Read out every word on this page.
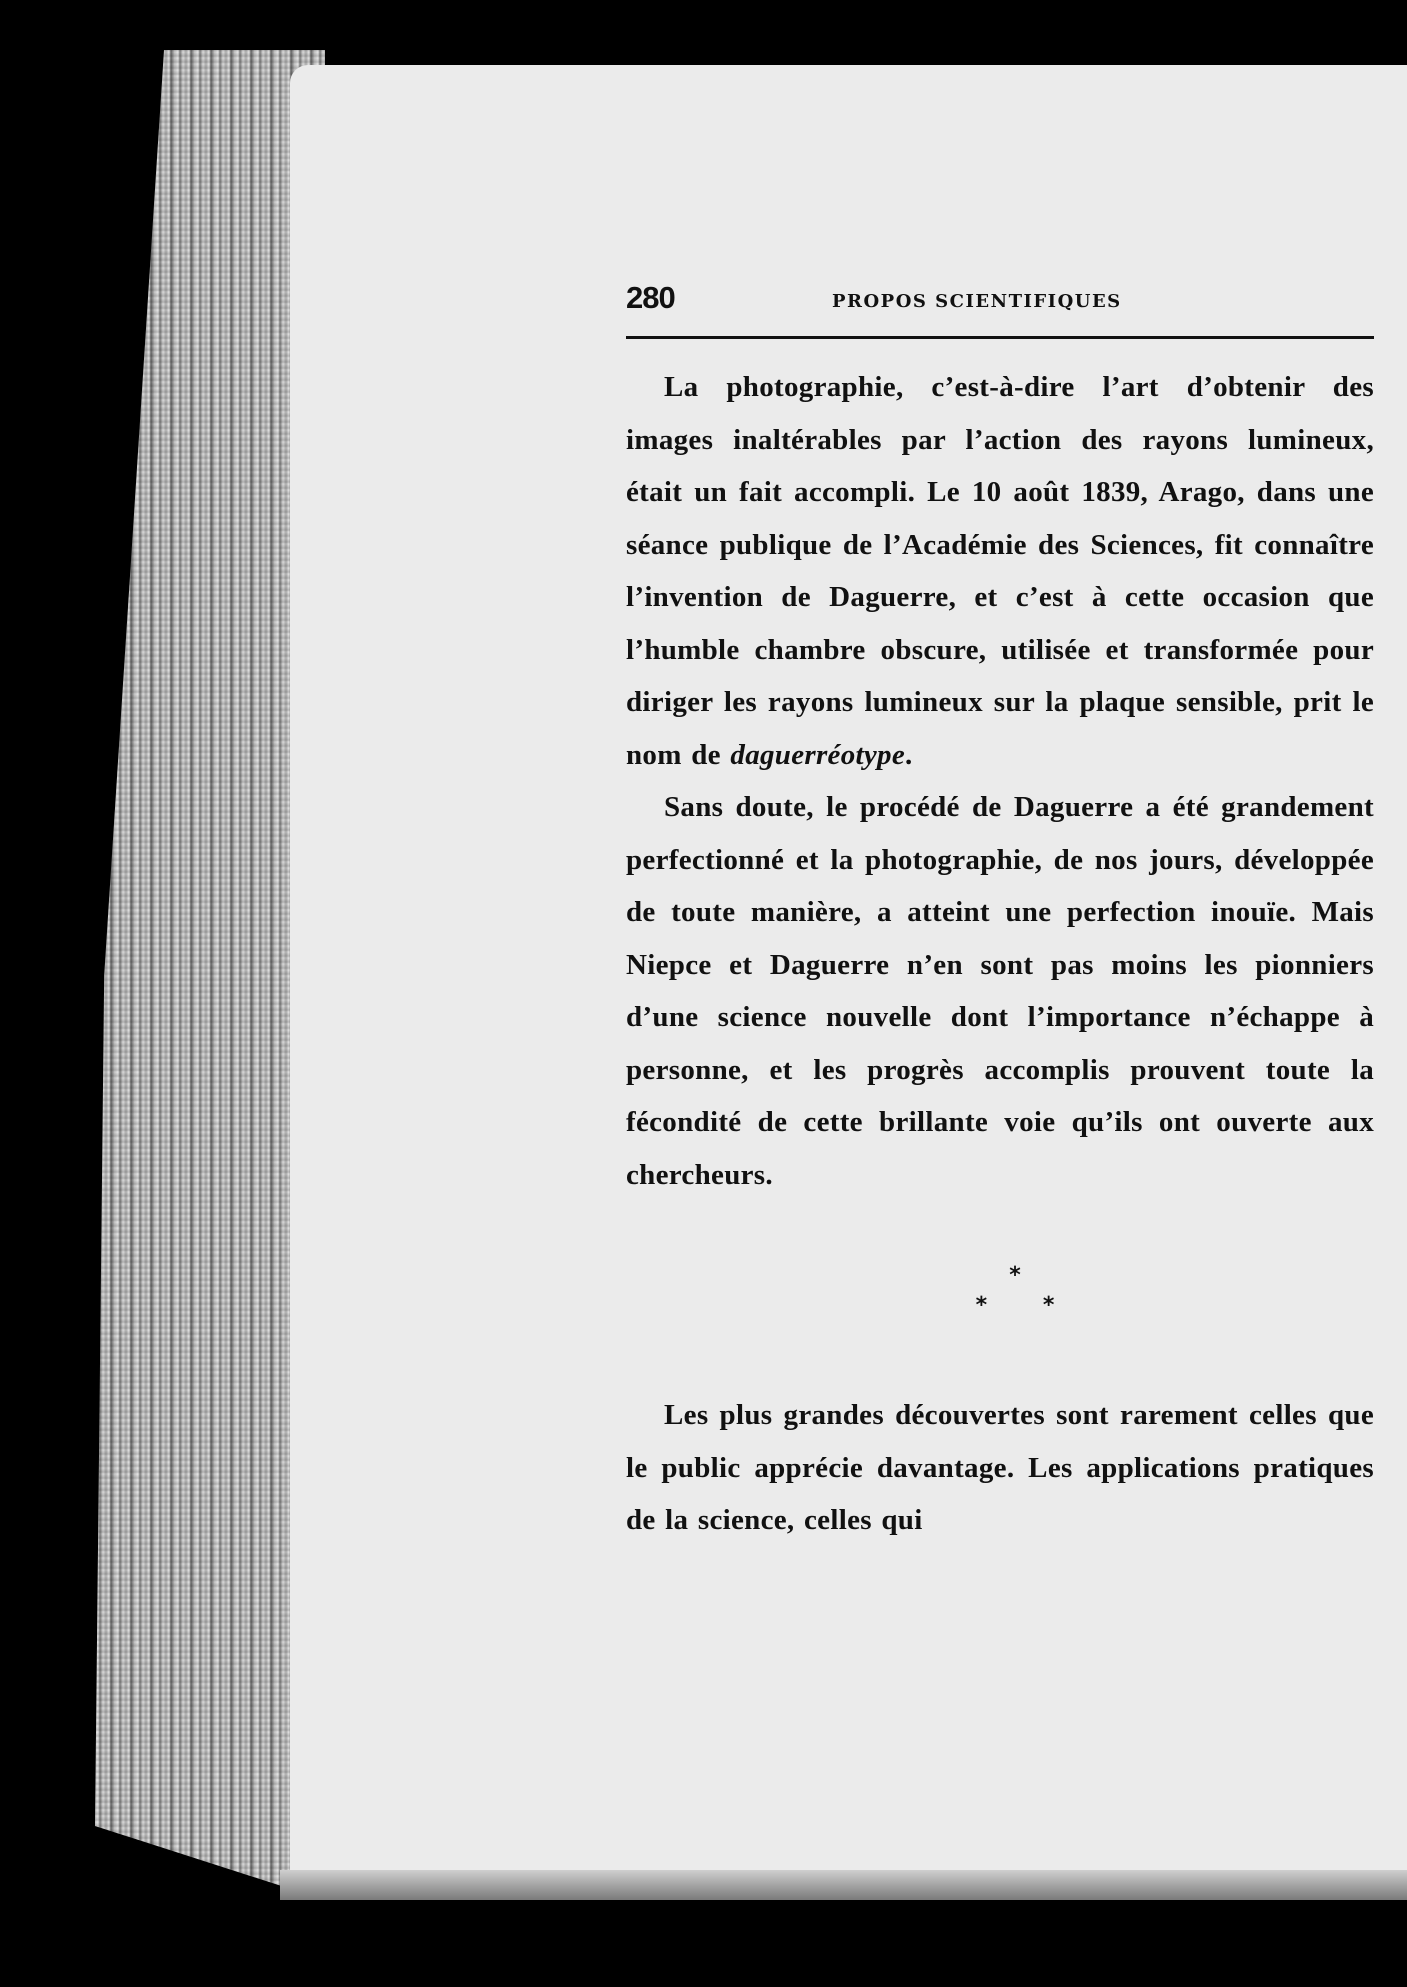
280	PROPOS SCIENTIFIQUES

La photographie, c’est-à-dire l’art d’obtenir des images inaltérables par l’action des rayons lumineux, était un fait accompli. Le 10 août 1839, Arago, dans une séance publique de l’Académie des Sciences, fit connaître l’invention de Daguerre, et c’est à cette occasion que l’humble chambre obscure, utilisée et transformée pour diriger les rayons lumineux sur la plaque sensible, prit le nom de daguerréotype.

Sans doute, le procédé de Daguerre a été grandement perfectionné et la photographie, de nos jours, développée de toute manière, a atteint une perfection inouïe. Mais Niepce et Daguerre n’en sont pas moins les pionniers d’une science nouvelle dont l’importance n’échappe à personne, et les progrès accomplis prouvent toute la fécondité de cette brillante voie qu’ils ont ouverte aux chercheurs.

*
* *

Les plus grandes découvertes sont rarement celles que le public apprécie davantage. Les applications pratiques de la science, celles qui
